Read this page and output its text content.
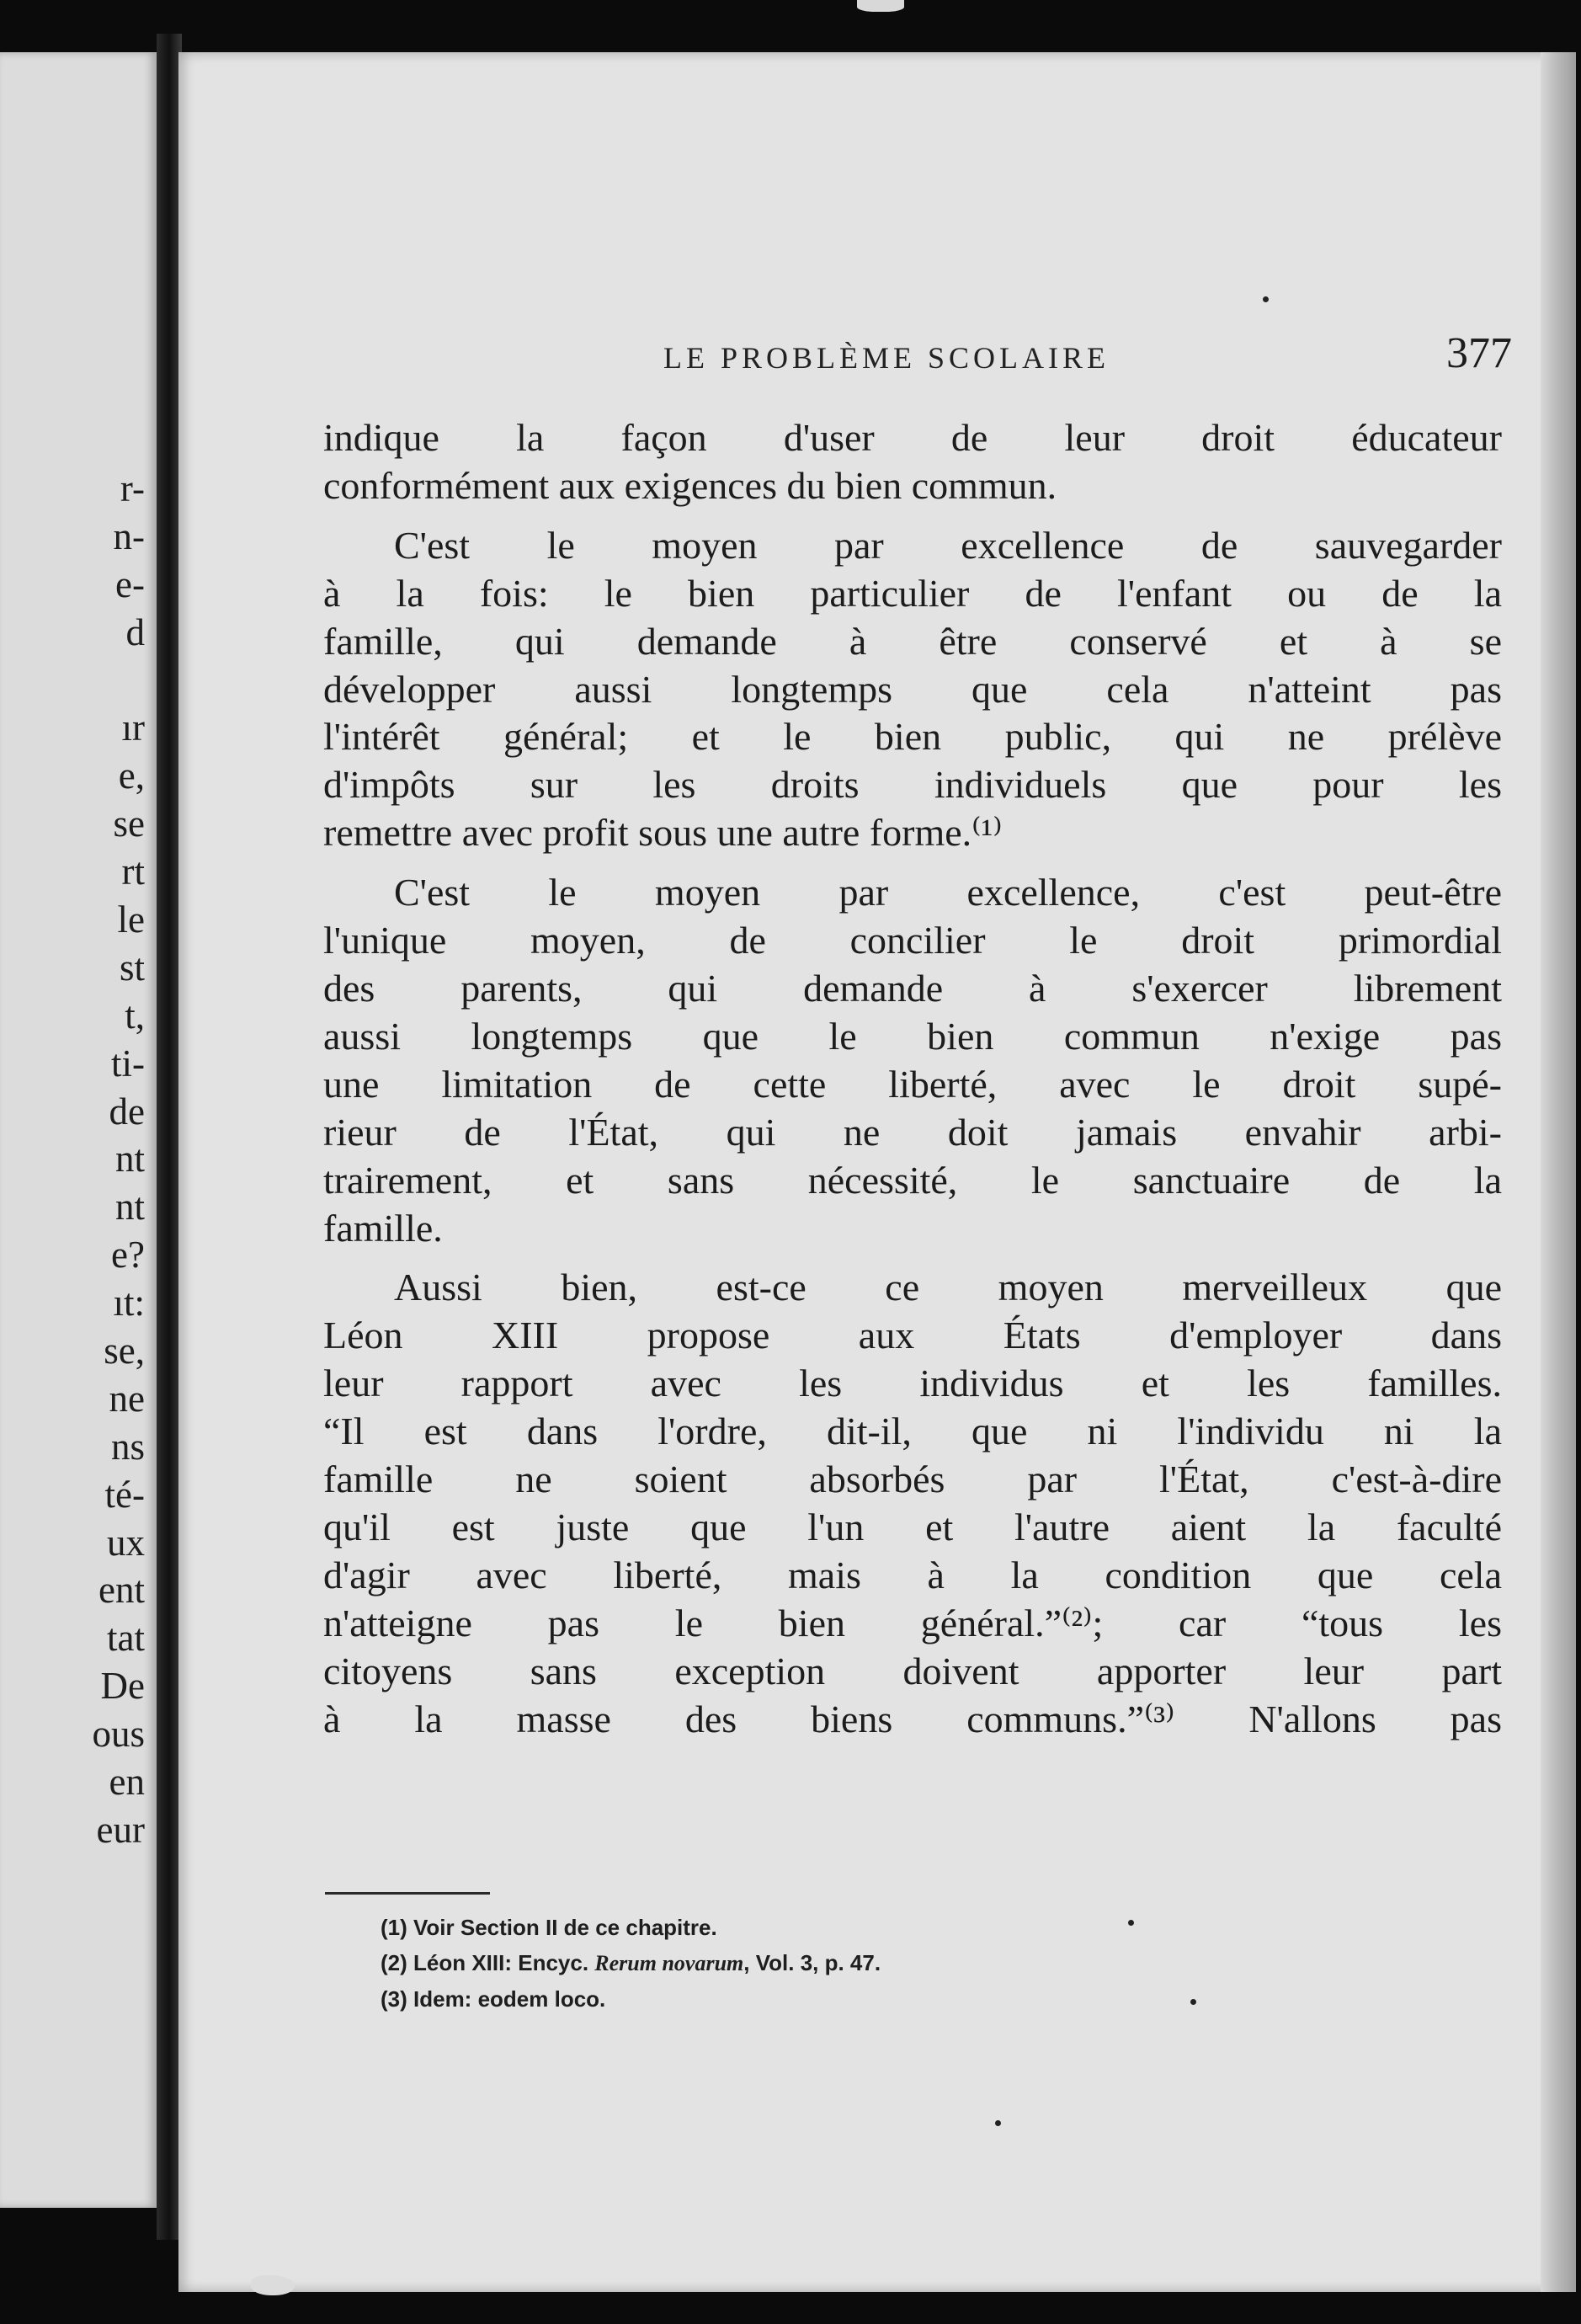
r-
n-
e-
d
ır
e,
se
rt
le
st
t,
ti-
de
nt
nt
e?
ıt:
se,
ne
ns
té-
ux
ent
tat
De
ous
en
eur
LE PROBLÈME SCOLAIRE	377

indique la façon d'user de leur droit éducateur
conformément aux exigences du bien commun.

C'est le moyen par excellence de sauvegarder
à la fois: le bien particulier de l'enfant ou de la
famille, qui demande à être conservé et à se
développer aussi longtemps que cela n'atteint pas
l'intérêt général; et le bien public, qui ne prélève
d'impôts sur les droits individuels que pour les
remettre avec profit sous une autre forme.⁽¹⁾

C'est le moyen par excellence, c'est peut-être
l'unique moyen, de concilier le droit primordial
des parents, qui demande à s'exercer librement
aussi longtemps que le bien commun n'exige pas
une limitation de cette liberté, avec le droit supé-
rieur de l'État, qui ne doit jamais envahir arbi-
trairement, et sans nécessité, le sanctuaire de la
famille.

Aussi bien, est-ce ce moyen merveilleux que
Léon XIII propose aux États d'employer dans
leur rapport avec les individus et les familles.
“Il est dans l'ordre, dit-il, que ni l'individu ni la
famille ne soient absorbés par l'État, c'est-à-dire
qu'il est juste que l'un et l'autre aient la faculté
d'agir avec liberté, mais à la condition que cela
n'atteigne pas le bien général.”⁽²⁾; car “tous les
citoyens sans exception doivent apporter leur part
à la masse des biens communs.”⁽³⁾ N'allons pas

(1) Voir Section II de ce chapitre.
(2) Léon XIII: Encyc. Rerum novarum, Vol. 3, p. 47.
(3) Idem: eodem loco.
